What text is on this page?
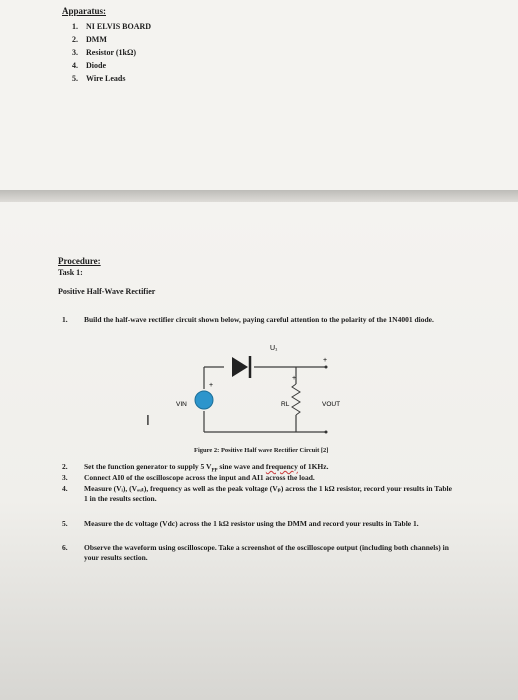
Apparatus:
1. NI ELVIS BOARD
2. DMM
3. Resistor (1kΩ)
4. Diode
5. Wire Leads
Procedure:
Task 1:
Positive Half-Wave Rectifier
1. Build the half-wave rectifier circuit shown below, paying careful attention to the polarity of the 1N4001 diode.
U₁
VIN	RL	VOUT
+
+
+
I
Figure 2: Positive Half wave Rectifier Circuit [2]
2. Set the function generator to supply 5 $V_{PP}$ sine wave and frequency of 1KHz.
3. Connect AI0 of the oscilloscope across the input and AI1 across the load.
4. Measure (Vᵢ), (Vₒᵤₜ), frequency as well as the peak voltage (Vₚ) across the 1 kΩ resistor, record your results in Table 1 in the results section.
5. Measure the dc voltage (Vdc) across the 1 kΩ resistor using the DMM and record your results in Table 1.
6. Observe the waveform using oscilloscope. Take a screenshot of the oscilloscope output (including both channels) in your results section.
